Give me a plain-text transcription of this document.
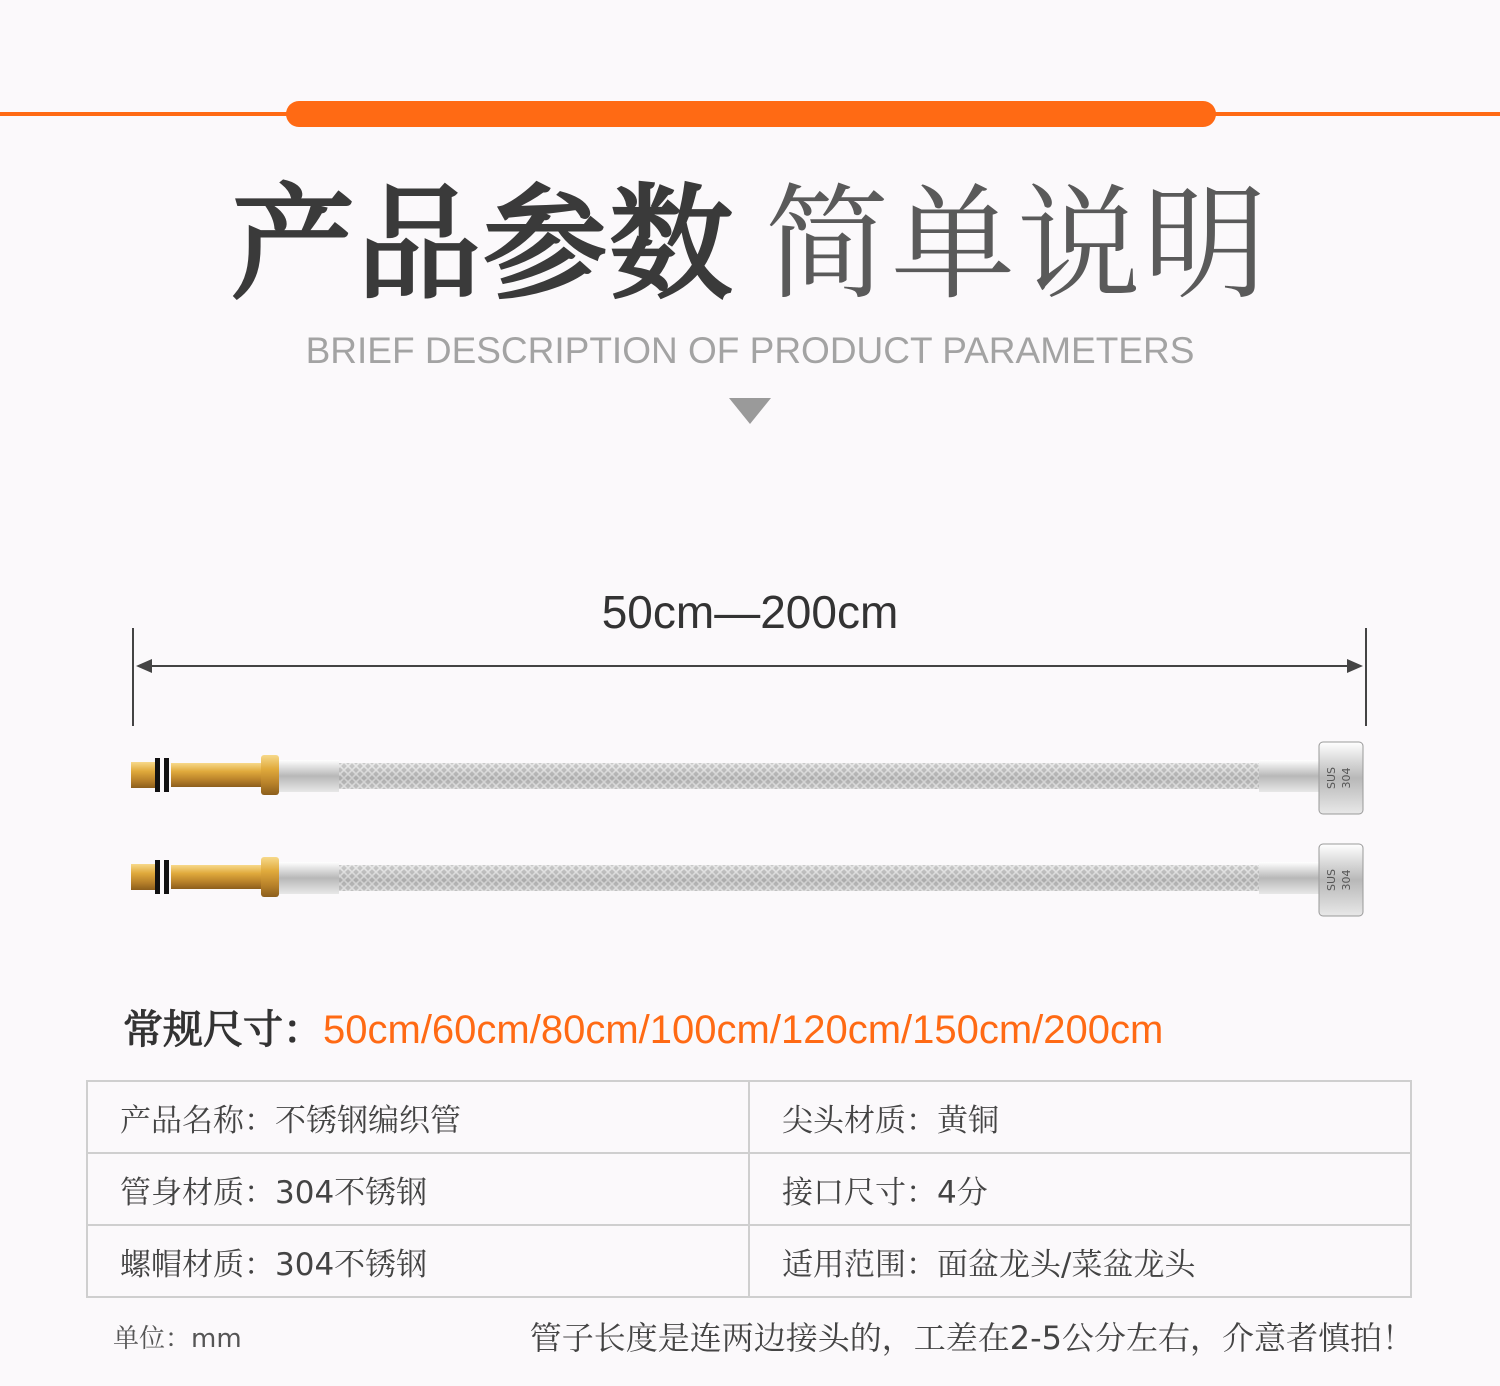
产品参数 简单说明
BRIEF DESCRIPTION OF PRODUCT PARAMETERS
50cm—200cm
SUS 304
SUS 304
常规尺寸：50cm/60cm/80cm/100cm/120cm/150cm/200cm
产品名称：不锈钢编织管	尖头材质：黄铜
管身材质：304不锈钢	接口尺寸：4分
螺帽材质：304不锈钢	适用范围：面盆龙头/菜盆龙头
单位：mm	管子长度是连两边接头的，工差在2-5公分左右，介意者慎拍！
